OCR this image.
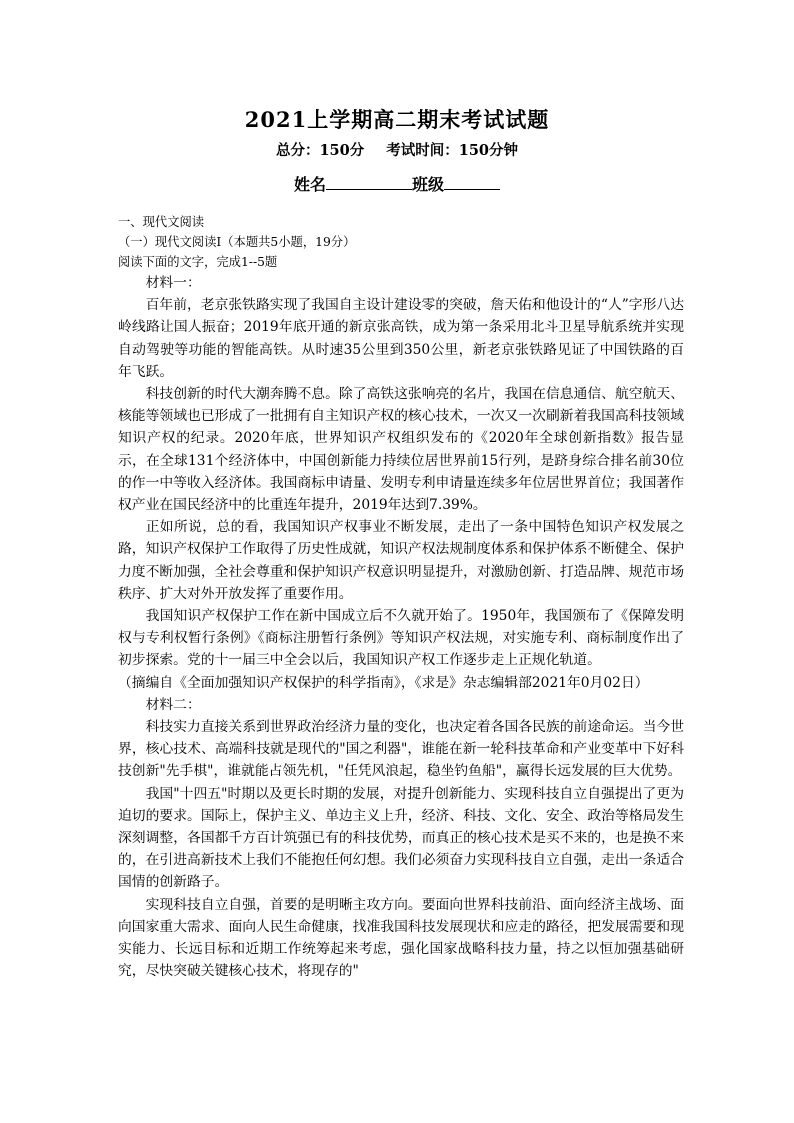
2021上学期高二期末考试试题
总分：150分 考试时间：150分钟
姓名	班级

一、现代文阅读

（一）现代文阅读Ⅰ（本题共5小题，19分）

阅读下面的文字，完成1--5题

材料一：

百年前，老京张铁路实现了我国自主设计建设零的突破，詹天佑和他设计的“人”字形八达岭线路让国人振奋；2019年底开通的新京张高铁，成为第一条采用北斗卫星导航系统并实现自动驾驶等功能的智能高铁。从时速35公里到350公里，新老京张铁路见证了中国铁路的百年飞跃。

科技创新的时代大潮奔腾不息。除了高铁这张响亮的名片，我国在信息通信、航空航天、核能等领域也已形成了一批拥有自主知识产权的核心技术，一次又一次刷新着我国高科技领域知识产权的纪录。2020年底，世界知识产权组织发布的《2020年全球创新指数》报告显示，在全球131个经济体中，中国创新能力持续位居世界前15行列，是跻身综合排名前30位的作一中等收入经济体。我国商标申请量、发明专利申请量连续多年位居世界首位；我国著作权产业在国民经济中的比重连年提升，2019年达到7.39%。

正如所说，总的看，我国知识产权事业不断发展，走出了一条中国特色知识产权发展之路，知识产权保护工作取得了历史性成就，知识产权法规制度体系和保护体系不断健全、保护力度不断加强，全社会尊重和保护知识产权意识明显提升，对激励创新、打造品牌、规范市场秩序、扩大对外开放发挥了重要作用。

我国知识产权保护工作在新中国成立后不久就开始了。1950年，我国颁布了《保障发明权与专利权暂行条例》《商标注册暂行条例》等知识产权法规，对实施专利、商标制度作出了初步探索。党的十一届三中全会以后，我国知识产权工作逐步走上正规化轨道。

（摘编自《全面加强知识产权保护的科学指南》，《求是》杂志编辑部2021年0月02日）

材料二：

科技实力直接关系到世界政治经济力量的变化，也决定着各国各民族的前途命运。当今世界，核心技术、高端科技就是现代的"国之利器"，谁能在新一轮科技革命和产业变革中下好科技创新"先手棋"，谁就能占领先机，"任凭风浪起，稳坐钓鱼船"，赢得长远发展的巨大优势。

我国"十四五"时期以及更长时期的发展，对提升创新能力、实现科技自立自强提出了更为迫切的要求。国际上，保护主义、单边主义上升，经济、科技、文化、安全、政治等格局发生深刻调整，各国都千方百计筑强已有的科技优势，而真正的核心技术是买不来的，也是换不来的，在引进高新技术上我们不能抱任何幻想。我们必须奋力实现科技自立自强，走出一条适合国情的创新路子。

实现科技自立自强，首要的是明晰主攻方向。要面向世界科技前沿、面向经济主战场、面向国家重大需求、面向人民生命健康，找准我国科技发展现状和应走的路径，把发展需要和现实能力、长远目标和近期工作统筹起来考虑，强化国家战略科技力量，持之以恒加强基础研究，尽快突破关键核心技术，将现存的"
